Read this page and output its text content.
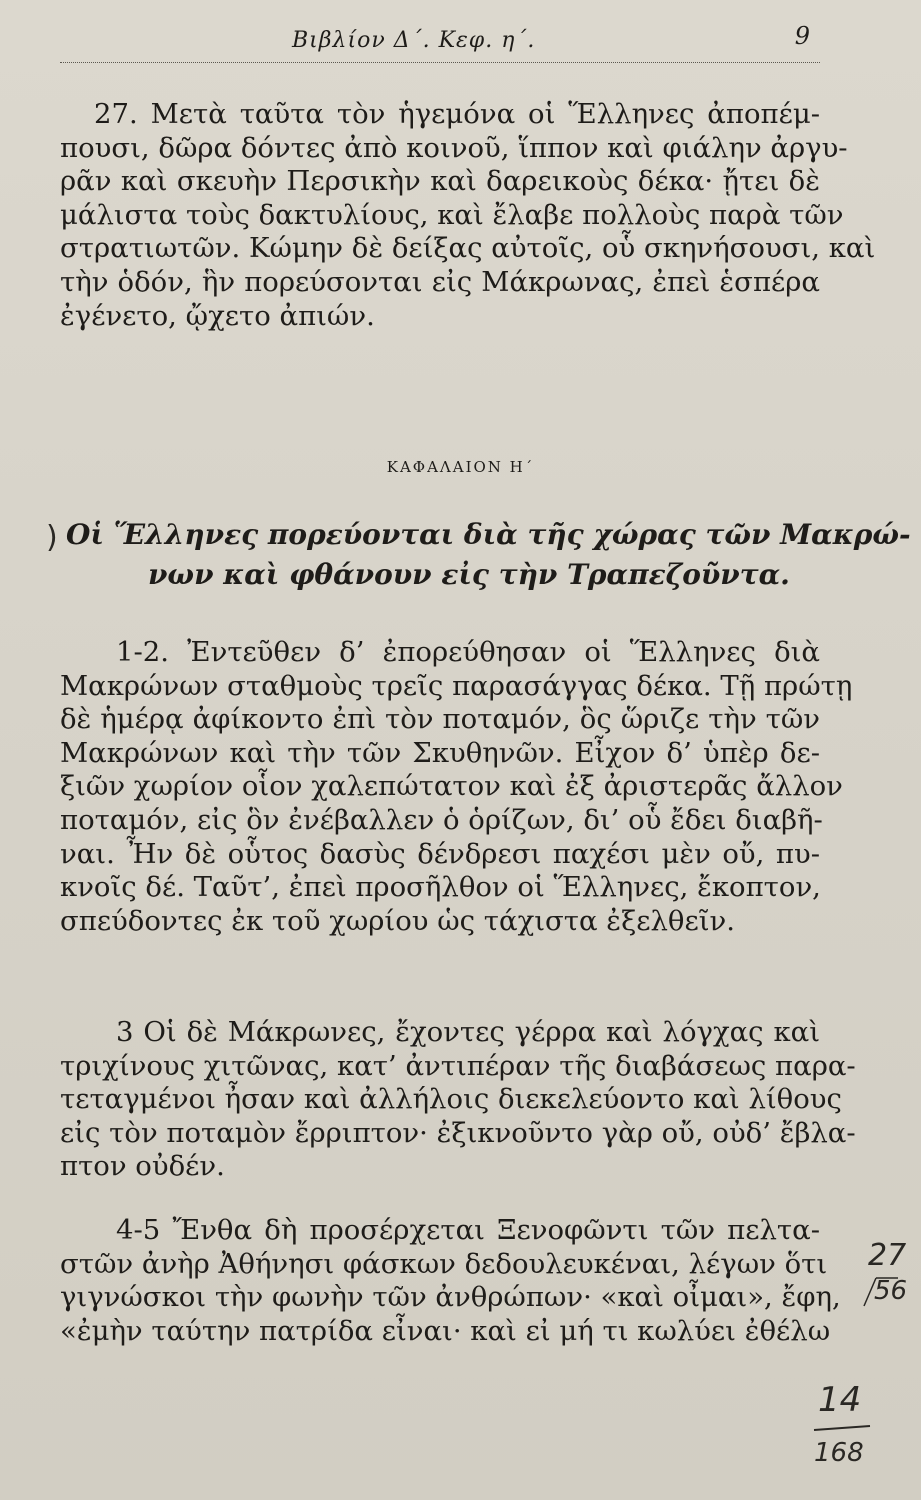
Βιβλίον Δ΄. Κεφ. η΄.	9

27. Μετὰ ταῦτα τὸν ἡγεμόνα οἱ Ἕλληνες ἀποπέμ-
πουσι, δῶρα δόντες ἀπὸ κοινοῦ, ἵππον καὶ φιάλην ἀργυ-
ρᾶν καὶ σκευὴν Περσικὴν καὶ δαρεικοὺς δέκα· ᾔτει δὲ
μάλιστα τοὺς δακτυλίους, καὶ ἔλαβε πολλοὺς παρὰ τῶν
στρατιωτῶν. Κώμην δὲ δείξας αὐτοῖς, οὗ σκηνήσουσι, καὶ
τὴν ὁδόν, ἣν πορεύσονται εἰς Μάκρωνας, ἐπεὶ ἑσπέρα
ἐγένετο, ᾤχετο ἀπιών.

ΚΑΦΑΛΑΙΟΝ Η΄
Οἱ Ἕλληνες πορεύονται διὰ τῆς χώρας τῶν Μακρώ-
νων καὶ φθάνουν εἰς τὴν Τραπεζοῦντα.

1-2. Ἐντεῦθεν δ’ ἐπορεύθησαν οἱ Ἕλληνες διὰ
Μακρώνων σταθμοὺς τρεῖς παρασάγγας δέκα. Τῇ πρώτῃ
δὲ ἡμέρᾳ ἀφίκοντο ἐπὶ τὸν ποταμόν, ὃς ὥριζε τὴν τῶν
Μακρώνων καὶ τὴν τῶν Σκυθηνῶν. Εἶχον δ’ ὑπὲρ δε-
ξιῶν χωρίον οἷον χαλεπώτατον καὶ ἐξ ἀριστερᾶς ἄλλον
ποταμόν, εἰς ὃν ἐνέβαλλεν ὁ ὁρίζων, δι’ οὗ ἔδει διαβῆ-
ναι. Ἦν δὲ οὗτος δασὺς δένδρεσι παχέσι μὲν οὔ, πυ-
κνοῖς δέ. Ταῦτ’, ἐπεὶ προσῆλθον οἱ Ἕλληνες, ἔκοπτον,
σπεύδοντες ἐκ τοῦ χωρίου ὡς τάχιστα ἐξελθεῖν.

3 Οἱ δὲ Μάκρωνες, ἔχοντες γέρρα καὶ λόγχας καὶ
τριχίνους χιτῶνας, κατ’ ἀντιπέραν τῆς διαβάσεως παρα-
τεταγμένοι ἦσαν καὶ ἀλλήλοις διεκελεύοντο καὶ λίθους
εἰς τὸν ποταμὸν ἔρριπτον· ἐξικνοῦντο γὰρ οὔ, οὐδ’ ἔβλα-
πτον οὐδέν.

4-5 Ἔνθα δὴ προσέρχεται Ξενοφῶντι τῶν πελτα-
στῶν ἀνὴρ Ἀθήνησι φάσκων δεδουλευκέναι, λέγων ὅτι
γιγνώσκοι τὴν φωνὴν τῶν ἀνθρώπων· «καὶ οἶμαι», ἔφη,
«ἐμὴν ταύτην πατρίδα εἶναι· καὶ εἰ μή τι κωλύει ἐθέλω

)
27
56
14
168
